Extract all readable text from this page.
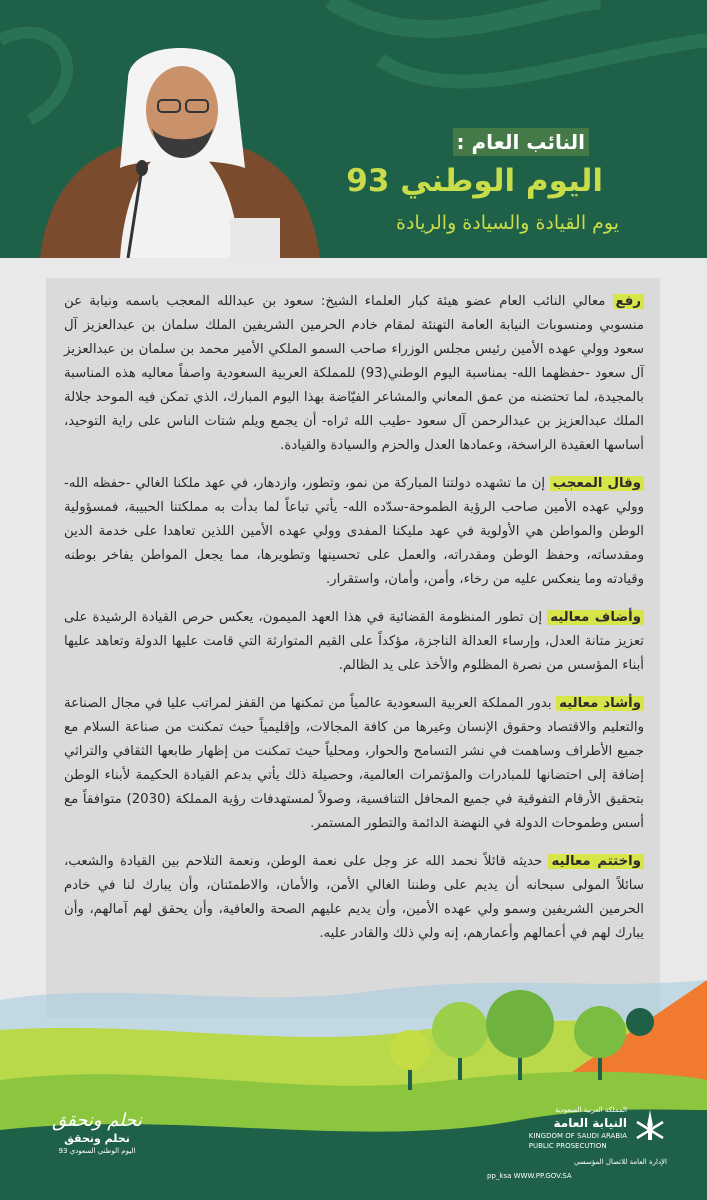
النائب العام :
اليوم الوطني 93
يوم القيادة والسيادة والريادة

رفع معالي النائب العام عضو هيئة كبار العلماء الشيخ: سعود بن عبدالله المعجب باسمه ونيابة عن منسوبي ومنسوبات النيابة العامة التهنئة لمقام خادم الحرمين الشريفين الملك سلمان بن عبدالعزيز آل سعود وولي عهده الأمين رئيس مجلس الوزراء صاحب السمو الملكي الأمير محمد بن سلمان بن عبدالعزيز آل سعود -حفظهما الله- بمناسبة اليوم الوطني(93) للمملكة العربية السعودية واصفاً معاليه هذه المناسبة بالمجيدة، لما تحتضنه من عمق المعاني والمشاعر الفيّاضة بهذا اليوم المبارك، الذي تمكن فيه الموحد جلالة الملك عبدالعزيز بن عبدالرحمن آل سعود -طيب الله ثراه- أن يجمع ويلم شتات الناس على راية التوحيد، أساسها العقيدة الراسخة، وعمادها العدل والحزم والسيادة والقيادة.

وقال المعجب إن ما تشهده دولتنا المباركة من نمو، وتطور، وازدهار، في عهد ملكنا الغالي -حفظه الله- وولي عهده الأمين صاحب الرؤية الطموحة-سدّده الله- يأتي تباعاً لما بدأت به مملكتنا الحبيبة، فمسؤولية الوطن والمواطن هي الأولوية في عهد مليكنا المفدى وولي عهده الأمين اللذين تعاهدا على خدمة الدين ومقدساته، وحفظ الوطن ومقدراته، والعمل على تحسينها وتطويرها، مما يجعل المواطن يفاخر بوطنه وقيادته وما ينعكس عليه من رخاء، وأمن، وأمان، واستقرار.

وأضاف معاليه إن تطور المنظومة القضائية في هذا العهد الميمون، يعكس حرص القيادة الرشيدة على تعزيز متانة العدل، وإرساء العدالة الناجزة، مؤكداً على القيم المتوارثة التي قامت عليها الدولة وتعاهد عليها أبناء المؤسس من نصرة المظلوم والأخذ على يد الظالم.

وأشاد معاليه بدور المملكة العربية السعودية عالمياً من تمكنها من القفز لمراتب عليا في مجال الصناعة والتعليم والاقتصاد وحقوق الإنسان وغيرها من كافة المجالات، وإقليمياً حيث تمكنت من صناعة السلام مع جميع الأطراف وساهمت في نشر التسامح والحوار، ومحلياً حيث تمكنت من إظهار طابعها الثقافي والتراثي إضافة إلى احتضانها للمبادرات والمؤتمرات العالمية، وحصيلة ذلك يأتي بدعم القيادة الحكيمة لأبناء الوطن بتحقيق الأرقام التفوقية في جميع المحافل التنافسية، وصولاً لمستهدفات رؤية المملكة (2030) متوافقاً مع أسس وطموحات الدولة في النهضة الدائمة والتطور المستمر.

واختتم معاليه حديثه قائلاً نحمد الله عز وجل على نعمة الوطن، ونعمة التلاحم بين القيادة والشعب، سائلاً المولى سبحانه أن يديم على وطننا الغالي الأمن، والأمان، والاطمئنان، وأن يبارك لنا في خادم الحرمين الشريفين وسمو ولي عهده الأمين، وأن يديم عليهم الصحة والعافية، وأن يحقق لهم آمالهم، وأن يبارك لهم في أعمالهم وأعمارهم، إنه ولي ذلك والقادر عليه.

نحلم ونحقق
نحلم ونحقق
اليوم الوطني السعودي 93
المملكة العربية السعودية
النيابة العامة
KINGDOM OF SAUDI ARABIA
PUBLIC PROSECUTION
الإدارة العامة للاتصال المؤسسي
pp_ksa WWW.PP.GOV.SA
